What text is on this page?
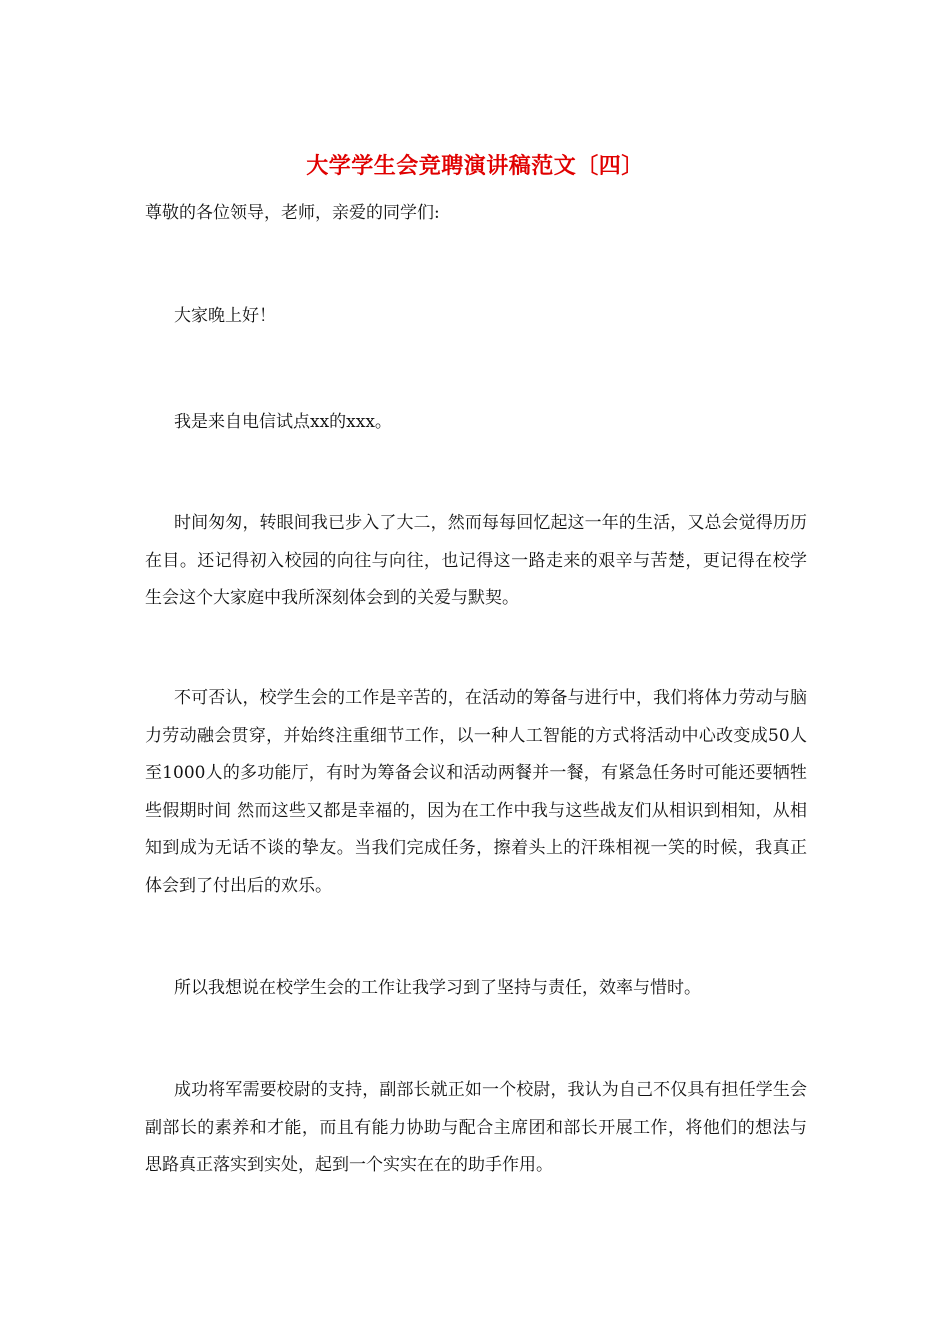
大学学生会竞聘演讲稿范文〔四〕
尊敬的各位领导，老师，亲爱的同学们:

大家晚上好！

我是来自电信试点xx的xxx。

时间匆匆，转眼间我已步入了大二，然而每每回忆起这一年的生活，又总会觉得历历在目。还记得初入校园的向往与向往，也记得这一路走来的艰辛与苦楚，更记得在校学生会这个大家庭中我所深刻体会到的关爱与默契。

不可否认，校学生会的工作是辛苦的，在活动的筹备与进行中，我们将体力劳动与脑力劳动融会贯穿，并始终注重细节工作，以一种人工智能的方式将活动中心改变成50人至1000人的多功能厅，有时为筹备会议和活动两餐并一餐，有紧急任务时可能还要牺牲些假期时间 然而这些又都是幸福的，因为在工作中我与这些战友们从相识到相知，从相知到成为无话不谈的挚友。当我们完成任务，擦着头上的汗珠相视一笑的时候，我真正体会到了付出后的欢乐。

所以我想说在校学生会的工作让我学习到了坚持与责任，效率与惜时。

成功将军需要校尉的支持，副部长就正如一个校尉，我认为自己不仅具有担任学生会副部长的素养和才能，而且有能力协助与配合主席团和部长开展工作，将他们的想法与思路真正落实到实处，起到一个实实在在的助手作用。
